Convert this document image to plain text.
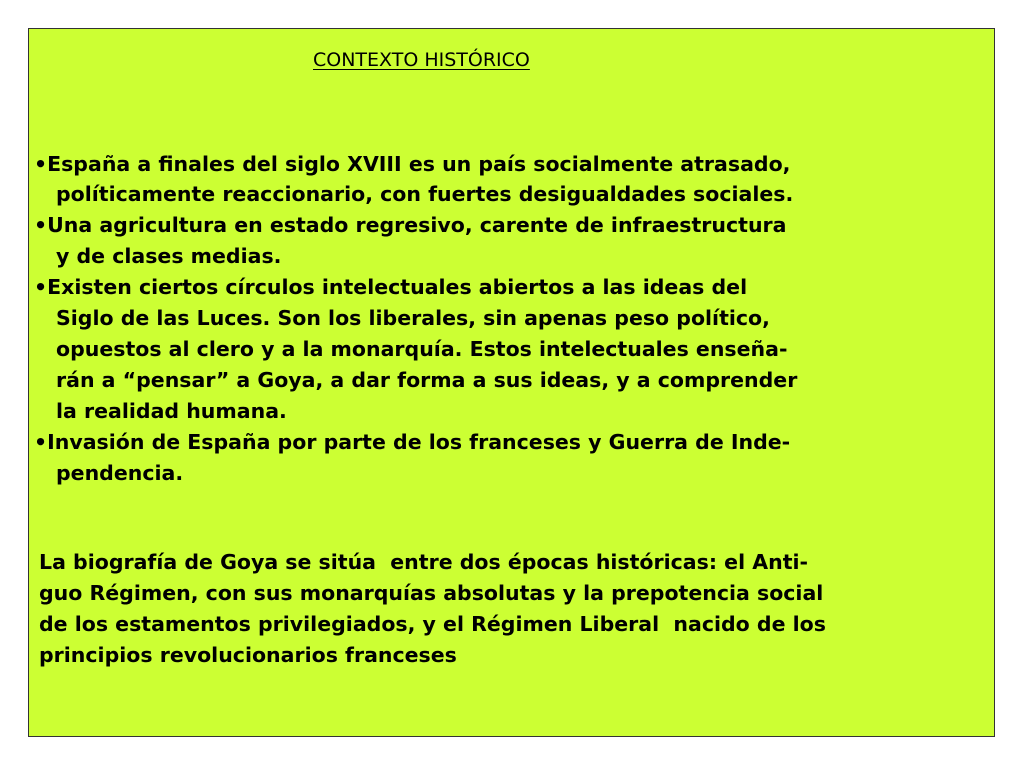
CONTEXTO HISTÓRICO
•España a finales del siglo XVIII es un país socialmente atrasado,
políticamente reaccionario, con fuertes desigualdades sociales.
•Una agricultura en estado regresivo, carente de infraestructura
y de clases medias.
•Existen ciertos círculos intelectuales abiertos a las ideas del
Siglo de las Luces. Son los liberales, sin apenas peso político,
opuestos al clero y a la monarquía. Estos intelectuales enseña-
rán a “pensar” a Goya, a dar forma a sus ideas, y a comprender
la realidad humana.
•Invasión de España por parte de los franceses y Guerra de Inde-
pendencia.
La biografía de Goya se sitúa  entre dos épocas históricas: el Anti-
guo Régimen, con sus monarquías absolutas y la prepotencia social
de los estamentos privilegiados, y el Régimen Liberal  nacido de los
principios revolucionarios franceses
